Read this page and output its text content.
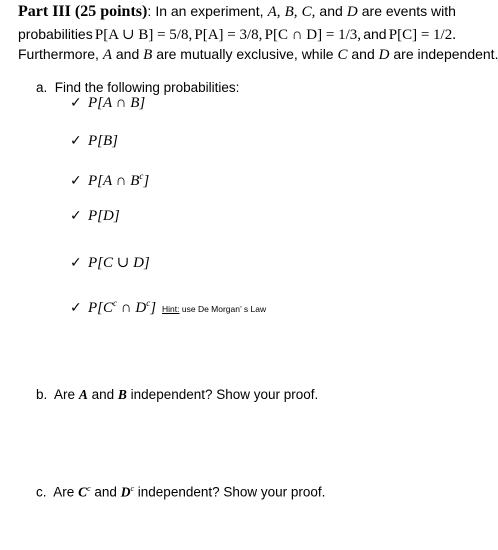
Part III (25 points): In an experiment, A, B, C, and D are events with
probabilities P[A ∪ B] = 5/8, P[A] = 3/8, P[C ∩ D] = 1/3, and P[C] = 1/2.
Furthermore, A and B are mutually exclusive, while C and D are independent.
a. Find the following probabilities:
✓ P[A ∩ B]
✓ P[B]
✓ P[A ∩ $B^c$]
✓ P[D]
✓ P[C ∪ D]
✓ $P[C^c$ ∩ $D^c$] Hint: use De Morgan’ s Law
b. Are A and B independent? Show your proof.
c. Are $C^c$ and $D^c$ independent? Show your proof.
